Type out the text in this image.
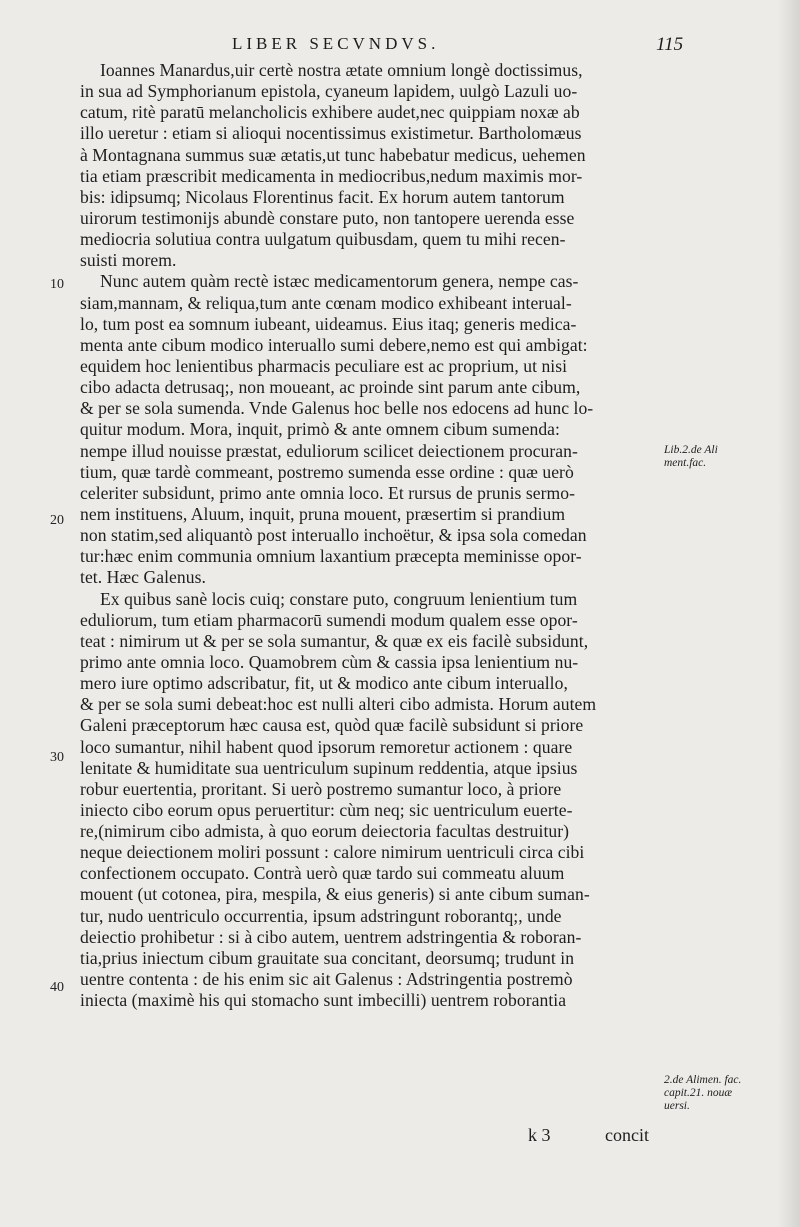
LIBER SECVNDVS.	115
Ioannes Manardus,uir certè nostra ætate omnium longè doctissimus,
in sua ad Symphorianum epistola, cyaneum lapidem, uulgò Lazuli uo-
catum, ritè paratū melancholicis exhibere audet,nec quippiam noxæ ab
illo ueretur : etiam si alioqui nocentissimus existimetur. Bartholomæus
à Montagnana summus suæ ætatis,ut tunc habebatur medicus, uehemen
tia etiam præscribit medicamenta in mediocribus,nedum maximis mor-
bis: idipsumq; Nicolaus Florentinus facit. Ex horum autem tantorum
uirorum testimonijs abundè constare puto, non tantopere uerenda esse
mediocria solutiua contra uulgatum quibusdam, quem tu mihi recen-
suisti morem.
Nunc autem quàm rectè istæc medicamentorum genera, nempe cas-
siam,mannam, & reliqua,tum ante cœnam modico exhibeant interual-
lo, tum post ea somnum iubeant, uideamus. Eius itaq; generis medica-
menta ante cibum modico interuallo sumi debere,nemo est qui ambigat:
equidem hoc lenientibus pharmacis peculiare est ac proprium, ut nisi
cibo adacta detrusaq;, non moueant, ac proinde sint parum ante cibum,
& per se sola sumenda. Vnde Galenus hoc belle nos edocens ad hunc lo-
quitur modum. Mora, inquit, primò & ante omnem cibum sumenda:
nempe illud nouisse præstat, eduliorum scilicet deiectionem procuran-
tium, quæ tardè commeant, postremo sumenda esse ordine : quæ uerò
celeriter subsidunt, primo ante omnia loco. Et rursus de prunis sermo-
nem instituens, Aluum, inquit, pruna mouent, præsertim si prandium
non statim,sed aliquantò post interuallo inchoëtur, & ipsa sola comedan
tur:hæc enim communia omnium laxantium præcepta meminisse opor-
tet. Hæc Galenus.
Ex quibus sanè locis cuiq; constare puto, congruum lenientium tum
eduliorum, tum etiam pharmacorū sumendi modum qualem esse opor-
teat : nimirum ut & per se sola sumantur, & quæ ex eis facilè subsidunt,
primo ante omnia loco. Quamobrem cùm & cassia ipsa lenientium nu-
mero iure optimo adscribatur, fit, ut & modico ante cibum interuallo,
& per se sola sumi debeat:hoc est nulli alteri cibo admista. Horum autem
Galeni præceptorum hæc causa est, quòd quæ facilè subsidunt si priore
loco sumantur, nihil habent quod ipsorum remoretur actionem : quare
lenitate & humiditate sua uentriculum supinum reddentia, atque ipsius
robur euertentia, proritant. Si uerò postremo sumantur loco, à priore
iniecto cibo eorum opus peruertitur: cùm neq; sic uentriculum euerte-
re,(nimirum cibo admista, à quo eorum deiectoria facultas destruitur)
neque deiectionem moliri possunt : calore nimirum uentriculi circa cibi
confectionem occupato. Contrà uerò quæ tardo sui commeatu aluum
mouent (ut cotonea, pira, mespila, & eius generis) si ante cibum suman-
tur, nudo uentriculo occurrentia, ipsum adstringunt roborantq;, unde
deiectio prohibetur : si à cibo autem, uentrem adstringentia & roboran-
tia,prius iniectum cibum grauitate sua concitant, deorsumq; trudunt in
uentre contenta : de his enim sic ait Galenus : Adstringentia postremò
iniecta (maximè his qui stomacho sunt imbecilli) uentrem roborantia
10
20
30
40
Lib.2.de Ali ment.fac.
2.de Alimen. fac. capit.21. nouæ uersi.
k 3	concit
